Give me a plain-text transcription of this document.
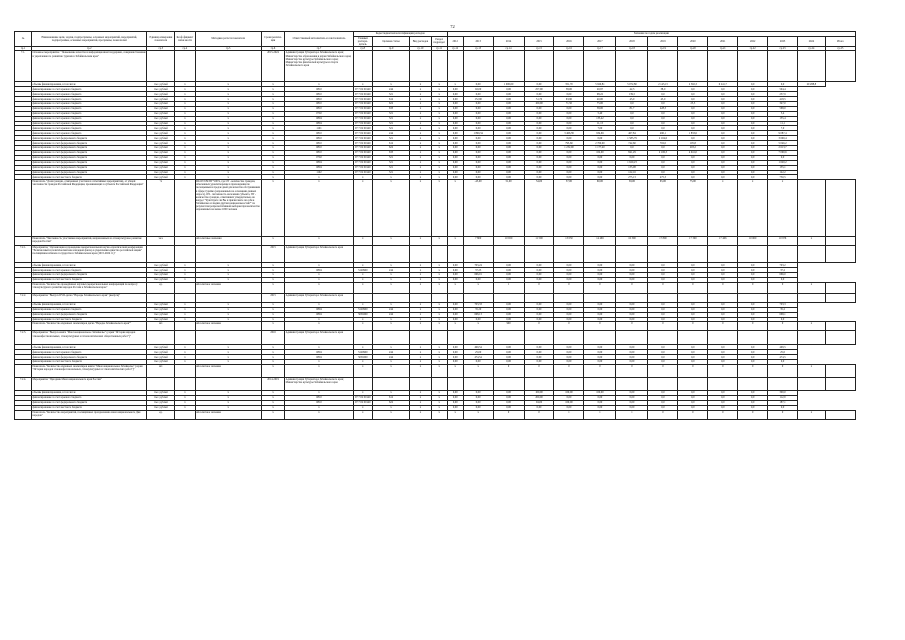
72
№	Наименование цели, задачи, подпрограммы, основных мероприятий, мероприятий, подпрограммы, основных мероприятий, программы, показателей	Единица измерения показателя	Коэф фициент значи мости	Методика расчета показателя	Сроки реализа- ции	Ответственный исполнитель и соисполнитель	Коды бюджетной классификации расходов				Значения по годам реализации													
							Главный распоря- дитель	Целевая статья	Вид расходов	Раздел подраздел	2012	2013	2014	2015	2016	2017	2018	2019	2020	2021	2022	2023	2024	Итого
гр.1	гр.2	гр.3	гр.4	гр.5	гр.6	гр.7	гр.8	гр.9	гр.10	гр.11	гр.12	гр.13	гр.14	гр.15	гр.16	гр.17	гр.18	гр.19	гр.20	гр.21	гр.22	гр.23	гр.24	гр.25
7.1.	Основное мероприятие: "Повышение качества и информационной поддержки, совершенствование и укрепление по развитию туризма в Забайкальском крае"				2015-2024	Администрация Губернатора Забайкальского края; Министерство образования и науки Забайкальского края; Министерство культуры Забайкальского края; Министерство физической культуры и спорта Забайкальского края																		
	объемы финансирования, в том числе	тыс. рублей	х	х	х	х	х	х	х	х	х	0,00	1 000,00	0,00	351,70	5 920,81	5 072,80	2 143,13	2 592,3	6 241,7	0,0	0,0	20 288,8	
	финансирование за счет краевого бюджета	тыс. рублей	х	х	х	0810	07 7 02 00140	244	х	х	0,00	92,00	0,00	257,00	38,00	20,97	42,3	38,0	0,0	0,0	0,0	504,4		
	финансирование за счет краевого бюджета	тыс. рублей	х	х	х	0810	07 7 02 00140	321	х	х	0,00	0,00	0,00	0,00	0,00	98,22	139,5	0,0	0,0	0,0	0,0	237,9		
	финансирование за счет краевого бюджета	тыс. рублей	х	х	х	0810	07 7 02 00140	612	х	х	0,00	172,90	0,00	51,70	63,90	40,00	45,0	45,0	0,0	0,0	0,0	418,5		
	финансирование за счет краевого бюджета	тыс. рублей	х	х	х	0810	07 7 02 00140	622	х	х	0,00	0,00	0,00	100,00	71,50	75,00	0,0	0,0	25,5	0,0	0,0	347,0		
	финансирование за счет краевого бюджета	тыс. рублей	х	х	х	0810	07 7 02 00140	633	х	х	0,00	0,00	0,00	0,00	0,00	58,00	81,7	428,3	0,0	0,0	0,0	568,0		
	финансирование за счет краевого бюджета	тыс. рублей	х	х	х	0702	07 7 02 00140	321	х	х	0,00	0,00	0,00	0,00	0,00	5,40	0,0	0,0	0,0	0,0	0,0	5,4		
	финансирование за счет краевого бюджета	тыс. рублей	х	х	х	0804	07 7 02 00140	321	х	х	0,00	0,00	0,00	0,00	0,00	135,42	0,0	0,0	0,0	0,0	0,0	135,4		
	финансирование за счет краевого бюджета	тыс. рублей	х	х	х	0804	07 7 02 00140	321	х	х	0,00	0,00	0,00	0,00	0,00	11,13	0,0	0,0	0,0	0,0	0,0	11,1		
	финансирование за счет краевого бюджета	тыс. рублей	х	х	х	1101	07 7 02 00140	321	х	х	0,00	0,00	0,00	0,00	0,00	7,00	0,0	0,0	0,0	0,0	0,0	7,0		
	финансирование за счет краевого бюджета	тыс. рублей	х	х	х	0810	07 7 02 00140	244	х	х	0,00	1 899,34	0,00	0,00	3 466,38	934,69	467,84	490,1	1 833,6	0,0	0,0	9 087,4		
	финансирование за счет федерального бюджета	тыс. рублей	х	х	х	0810	07 7 02 00140	321	х	х	0,00	0,00	0,00	0,00	0,00	0,00	1 585,79	2 104,6	0,0	0,0	0,0	3 690,4		
	финансирование за счет федерального бюджета	тыс. рублей	х	х	х	0810	07 7 02 00140	612	х	х	0,00	0,00	0,00	0,00	795,60	2 700,00	742,60	702,0	105,8	0,0	0,0	5 046,2		
	финансирование за счет федерального бюджета	тыс. рублей	х	х	х	0810	07 7 02 00140	622	х	х	0,00	0,00	0,00	0,00	1 232,90	1 177,40	0,0	0,0	203,2	0,0	0,0	2 613,7		
	финансирование за счет федерального бюджета	тыс. рублей	х	х	х	0810	07 7 02 00140	633	х	х	0,00	0,00	0,00	0,00	0,00	102,00	841,29	2 106,3	4 041,0	0,0	0,0	7 090,6		
	финансирование за счет федерального бюджета	тыс. рублей	х	х	х	0702	07 7 02 00140	321	х	х	0,00	0,00	0,00	0,00	0,00	0,00	0,00	0,0	0,0	0,0	0,0	0,0		
	финансирование за счет федерального бюджета	тыс. рублей	х	х	х	0804	07 7 02 00140	321	х	х	0,00	0,00	0,00	0,00	0,00	0,00	1 620,23	0,0	0,0	0,0	0,0	1 620,2		
	финансирование за счет федерального бюджета	тыс. рублей	х	х	х	0804	07 7 02 00140	321	х	х	0,00	0,00	0,00	0,00	0,00	0,00	135,08	0,0	0,0	0,0	0,0	135,1		
	финансирование за счет федерального бюджета	тыс. рублей	х	х	х	1102	07 7 02 00140	321	х	х	0,00	0,00	0,00	0,00	0,00	0,00	122,16	0,0	0,0	0,0	0,0	122,2		
	финансирование за счет местного бюджета	тыс. рублей	х	х	х	х	х	х	х	х	0,00	0,00	0,00	0,00	0,00	0,00	275,13	475,3	0,0	0,0	0,0	750,5		
	Показатель "Доля граждан, отмеченных участием в событийных мероприятиях, от общей численности граждан Российской Федерации, проживающих в субъекте Российской Федерации"	%		Ш=ОТ/ОЧ/ПТ*100%, где ОТ - количество граждан, отмеченных удовлетворение в прохождении по посещаемым и продле дней для качества обслуживания в сфере туризма (опрошенных на основании данных опроса), ОЧ - численность населения субъекта, ПТ - количество граждан, ответивших утвердительно на вопрос "Чувствуете ли Вы и причисляете ли себя к Забайкалью и людям другим национальностей?" по результатам репрезентативной выборки при количестве опрошенных не менее 1000 человек	х	х	х	х	х	х	х	-45,00	51,00	54,00	57,00	60,00	63,00	65,00	75,00	х	х	х		
	Показатель "Численность участников мероприятий, направленных на этнокультурное развитие народов России"	чел.		Абсолютные значения	х	х	х	х	х	х	х	7 800	10 659	11 500	13 050	14 469	16 390	17 800	17 300	17 406	10 600	10 976	х	
7.2.1.	Мероприятие "Организация и проведение межрегиональной научно-практической конференции "Религиозный и политический как ключевой фактор в укреплении единства российской нации" посвящённая юбилею государства в Забайкальском крае (2015-2024 гг.)"				2015	Администрация Губернатора Забайкальского края																		
	объемы финансирования, в том числе	тыс. рублей	х	х	х	х	х	х	х	х	0,00	703,24	0,00	0,00	0,00	0,00	0,00	0,0	0,0	0,0	0,0	703,2		
	финансирование за счет краевого бюджета	тыс. рублей	х	х	х	0804	5120900	244	х	х	0,00	37,23	0,00	0,00	0,00	0,00	0,00	0,0	0,0	0,0	0,0	37,2		
	финансирование за счет федерального бюджета	тыс. рублей	х	х	х	х	х	х	х	х	0,00	666,01	0,00	0,00	0,00	0,00	0,00	0,0	0,0	0,0	0,0	666,0		
	финансирование за счет местного бюджета	тыс. рублей	х	х	х	х	х	х	х	х	0,00	0,00	0,00	0,00	0,00	0,00	0,00	0,0	0,0	0,0	0,0	0,0		
	Показатель "Количество проведённых научных межрегиональных конференций по вопросу этнокультурного развития народов России в Забайкальском крае"	ед.		Абсолютное значение	х	х	х	х	х	х	х	х	1	0	0	0	0	0	0	0	0	0	х	
7.2.2.	Мероприятие "Выпуск DVD-диска "Народы Забайкальского края" (выпуск)"				2015	Администрация Губернатора Забайкальского края																		
	объемы финансирования, в том числе	тыс. рублей	х	х	х	х	х	х	х	х	0,00	703,33	0,00	0,00	0,00	0,00	0,00	0,0	0,0	0,0	0,0	703,3		
	финансирование за счет краевого бюджета	тыс. рублей	х	х	х	0804	5120900	244	х	х	0,00	35,20	0,00	0,00	0,00	0,00	0,00	0,0	0,0	0,0	0,0	35,2		
	финансирование за счет федерального бюджета	тыс. рублей	х	х	х	0804	5050200	244	х	х	0,00	668,13	0,00	0,00	0,00	0,00	0,00	0,0	0,0	0,0	0,0	668,1		
	финансирование за счет местного бюджета	тыс. рублей	х	х	х	х	х	х	х	х	0,00	0,00	0,00	0,00	0,00	0,00	0,00	0,0	0,0	0,0	0,0	0,0		
	Показатель "Количество изданных экземпляров диска "Народы Забайкальского края""	шт.		Абсолютное значение	х	х	х	х	х	х	х	х	900	0	0	0	0	0	0	0	0	0	х	
7.2.3.	Мероприятие "Выпуск книги "Многонациональное Забайкалье" (серия "История народов этноконфессиональных, этнокультурных и этнополитических общественных работ")"				2016	Администрация Губернатора Забайкальского края																		
	объемы финансирования, в том числе	тыс. рублей	х	х	х	х	х	х	х	х	0,00	499,54	0,00	0,00	0,00	0,00	0,00	0,0	0,0	0,0	0,0	499,5		
	финансирование за счет краевого бюджета	тыс. рублей	х	х	х	0804	5120900	244	х	х	0,00	25,00	0,00	0,00	0,00	0,00	0,00	0,0	0,0	0,0	0,0	25,0		
	финансирование за счет федерального бюджета	тыс. рублей	х	х	х	0804	5050200	244	х	х	0,00	474,54	0,00	0,00	0,00	0,00	0,00	0,0	0,0	0,0	0,0	474,5		
	финансирование за счет местного бюджета	тыс. рублей	х	х	х	х	х	х	х	х	0,00	0,00	0,00	0,00	0,00	0,00	0,00	0,0	0,0	0,0	0,0	0,0		
	Показатель "Количество изданных экземпляров книги "Многонациональное Забайкалье" (серия "История народов этноконфессиональных, этнокультурных и этнополитических работ")"	шт.		Абсолютное значение	х	х	х	х	х	х	х	х	0	0	0	0	0	0	0	0	0	0	х	
7.2.4.	Мероприятие "Праздник Многонационального края России"				2014-2019	Администрация Губернатора Забайкальского края; Министерство культуры Забайкальского края																		
	объемы финансирования, в том числе	тыс. рублей	х	х	х	х	х	х	х	х	0,00	0,00	0,00	100,00	100,00	100,00	0,00	0,0	0,0	0,0	0,0	300,0		
	финансирование за счет краевого бюджета	тыс. рублей	х	х	х	0810	07 7 02 00140	612	х	х	0,00	0,00	0,00	200,00	0,00	0,00	0,00	0,0	0,0	0,0	0,0	112,9		
	финансирование за счет федерального бюджета	тыс. рублей	х	х	х	0810	07 7 02 00140	622	х	х	0,00	0,00	0,00	94,00	100,00	0,00	0,00	0,0	0,0	0,0	0,0	187,1		
	финансирование за счет местного бюджета	тыс. рублей	х	х	х	х	х	х	х	х	0,00	0,00	0,00	0,00	0,00	0,00	0,00	0,0	0,0	0,0	0,0	0,0		
	Показатель "Количество мероприятий, посвящённых празднованию многонационального Дня народов"	ед.		Абсолютное значение	х	х	х	х	х	х	х	х	0	0	1	1	1	0	0	0	0	0	х	
